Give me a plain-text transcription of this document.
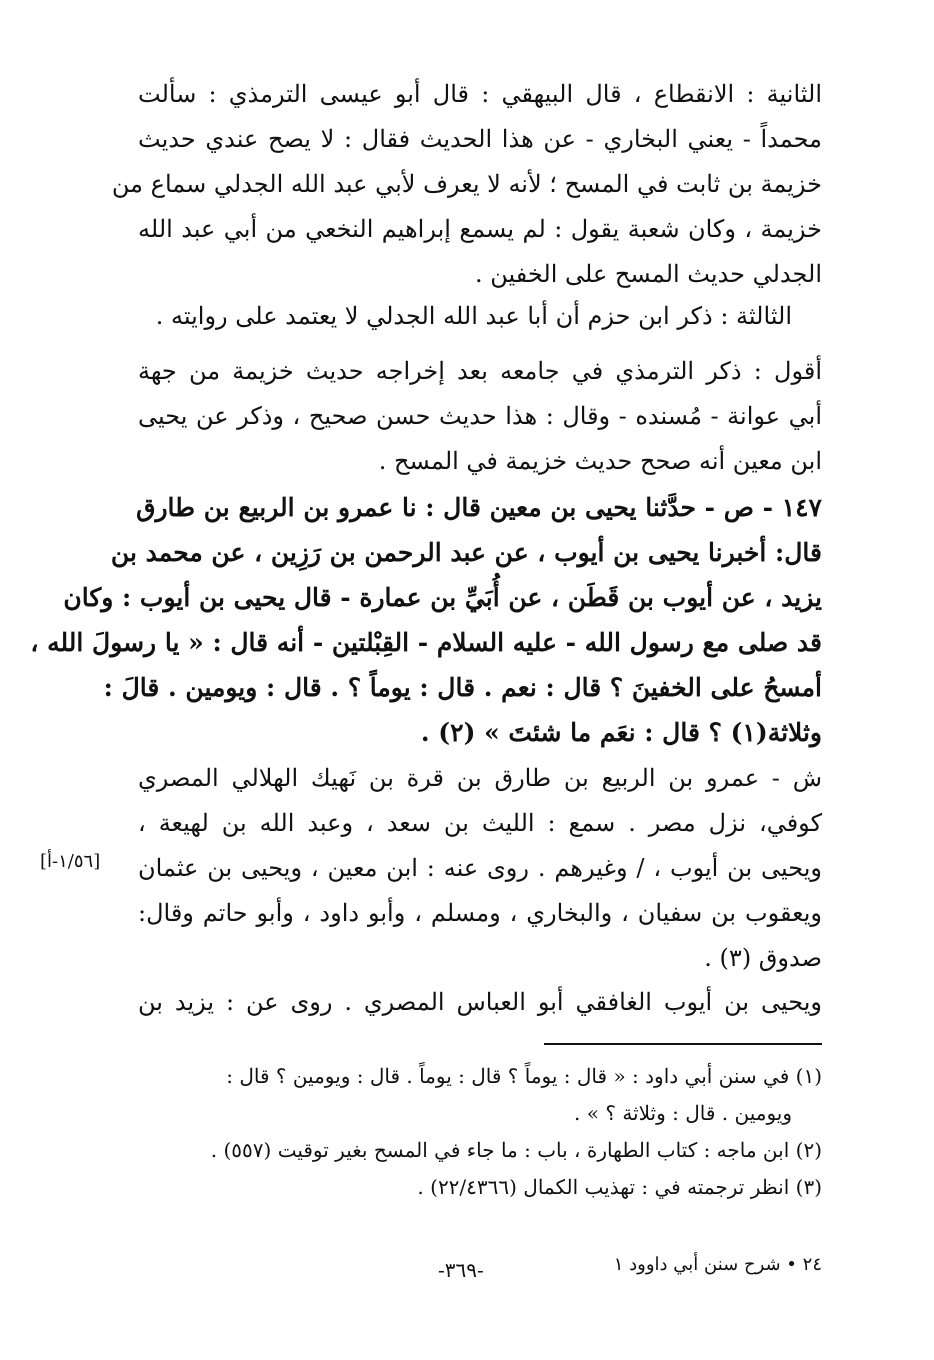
الثانية : الانقطاع ، قال البيهقي : قال أبو عيسى الترمذي : سألت
محمداً - يعني البخاري - عن هذا الحديث فقال : لا يصح عندي حديث
خزيمة بن ثابت في المسح ؛ لأنه لا يعرف لأبي عبد الله الجدلي سماع من
خزيمة ، وكان شعبة يقول : لم يسمع إبراهيم النخعي من أبي عبد الله
الجدلي حديث المسح على الخفين .

الثالثة : ذكر ابن حزم أن أبا عبد الله الجدلي لا يعتمد على روايته .

أقول : ذكر الترمذي في جامعه بعد إخراجه حديث خزيمة من جهة
أبي عوانة - مُسنده - وقال : هذا حديث حسن صحيح ، وذكر عن يحيى
ابن معين أنه صحح حديث خزيمة في المسح .

١٤٧ - ص - حدَّثنا يحيى بن معين قال : نا عمرو بن الربيع بن طارق
قال: أخبرنا يحيى بن أيوب ، عن عبد الرحمن بن رَزِين ، عن محمد بن
يزيد ، عن أيوب بن قَطَن ، عن أُبَيِّ بن عمارة - قال يحيى بن أيوب : وكان
قد صلى مع رسول الله - عليه السلام - القِبْلتين - أنه قال : « يا رسولَ الله ،
أمسحُ على الخفينَ ؟ قال : نعم . قال : يوماً ؟ . قال : ويومين . قالَ :
وثلاثة(١) ؟ قال : نعَم ما شئتَ » (٢) .

ش - عمرو بن الربيع بن طارق بن قرة بن نَهيك الهلالي المصري
كوفي، نزل مصر . سمع : الليث بن سعد ، وعبد الله بن لهيعة ،
ويحيى بن أيوب ، / وغيرهم . روى عنه : ابن معين ، ويحيى بن عثمان
ويعقوب بن سفيان ، والبخاري ، ومسلم ، وأبو داود ، وأبو حاتم وقال:
صدوق (٣) .

ويحيى بن أيوب الغافقي أبو العباس المصري . روى عن : يزيد بن

[١/٥٦-أ]
(١) في سنن أبي داود : « قال : يوماً ؟ قال : يوماً . قال : ويومين ؟ قال :
ويومين . قال : وثلاثة ؟ » .
(٢) ابن ماجه : كتاب الطهارة ، باب : ما جاء في المسح بغير توقيت (٥٥٧) .
(٣) انظر ترجمته في : تهذيب الكمال (٢٢/٤٣٦٦) .
-٣٦٩-	٢٤ • شرح سنن أبي داوود ١
